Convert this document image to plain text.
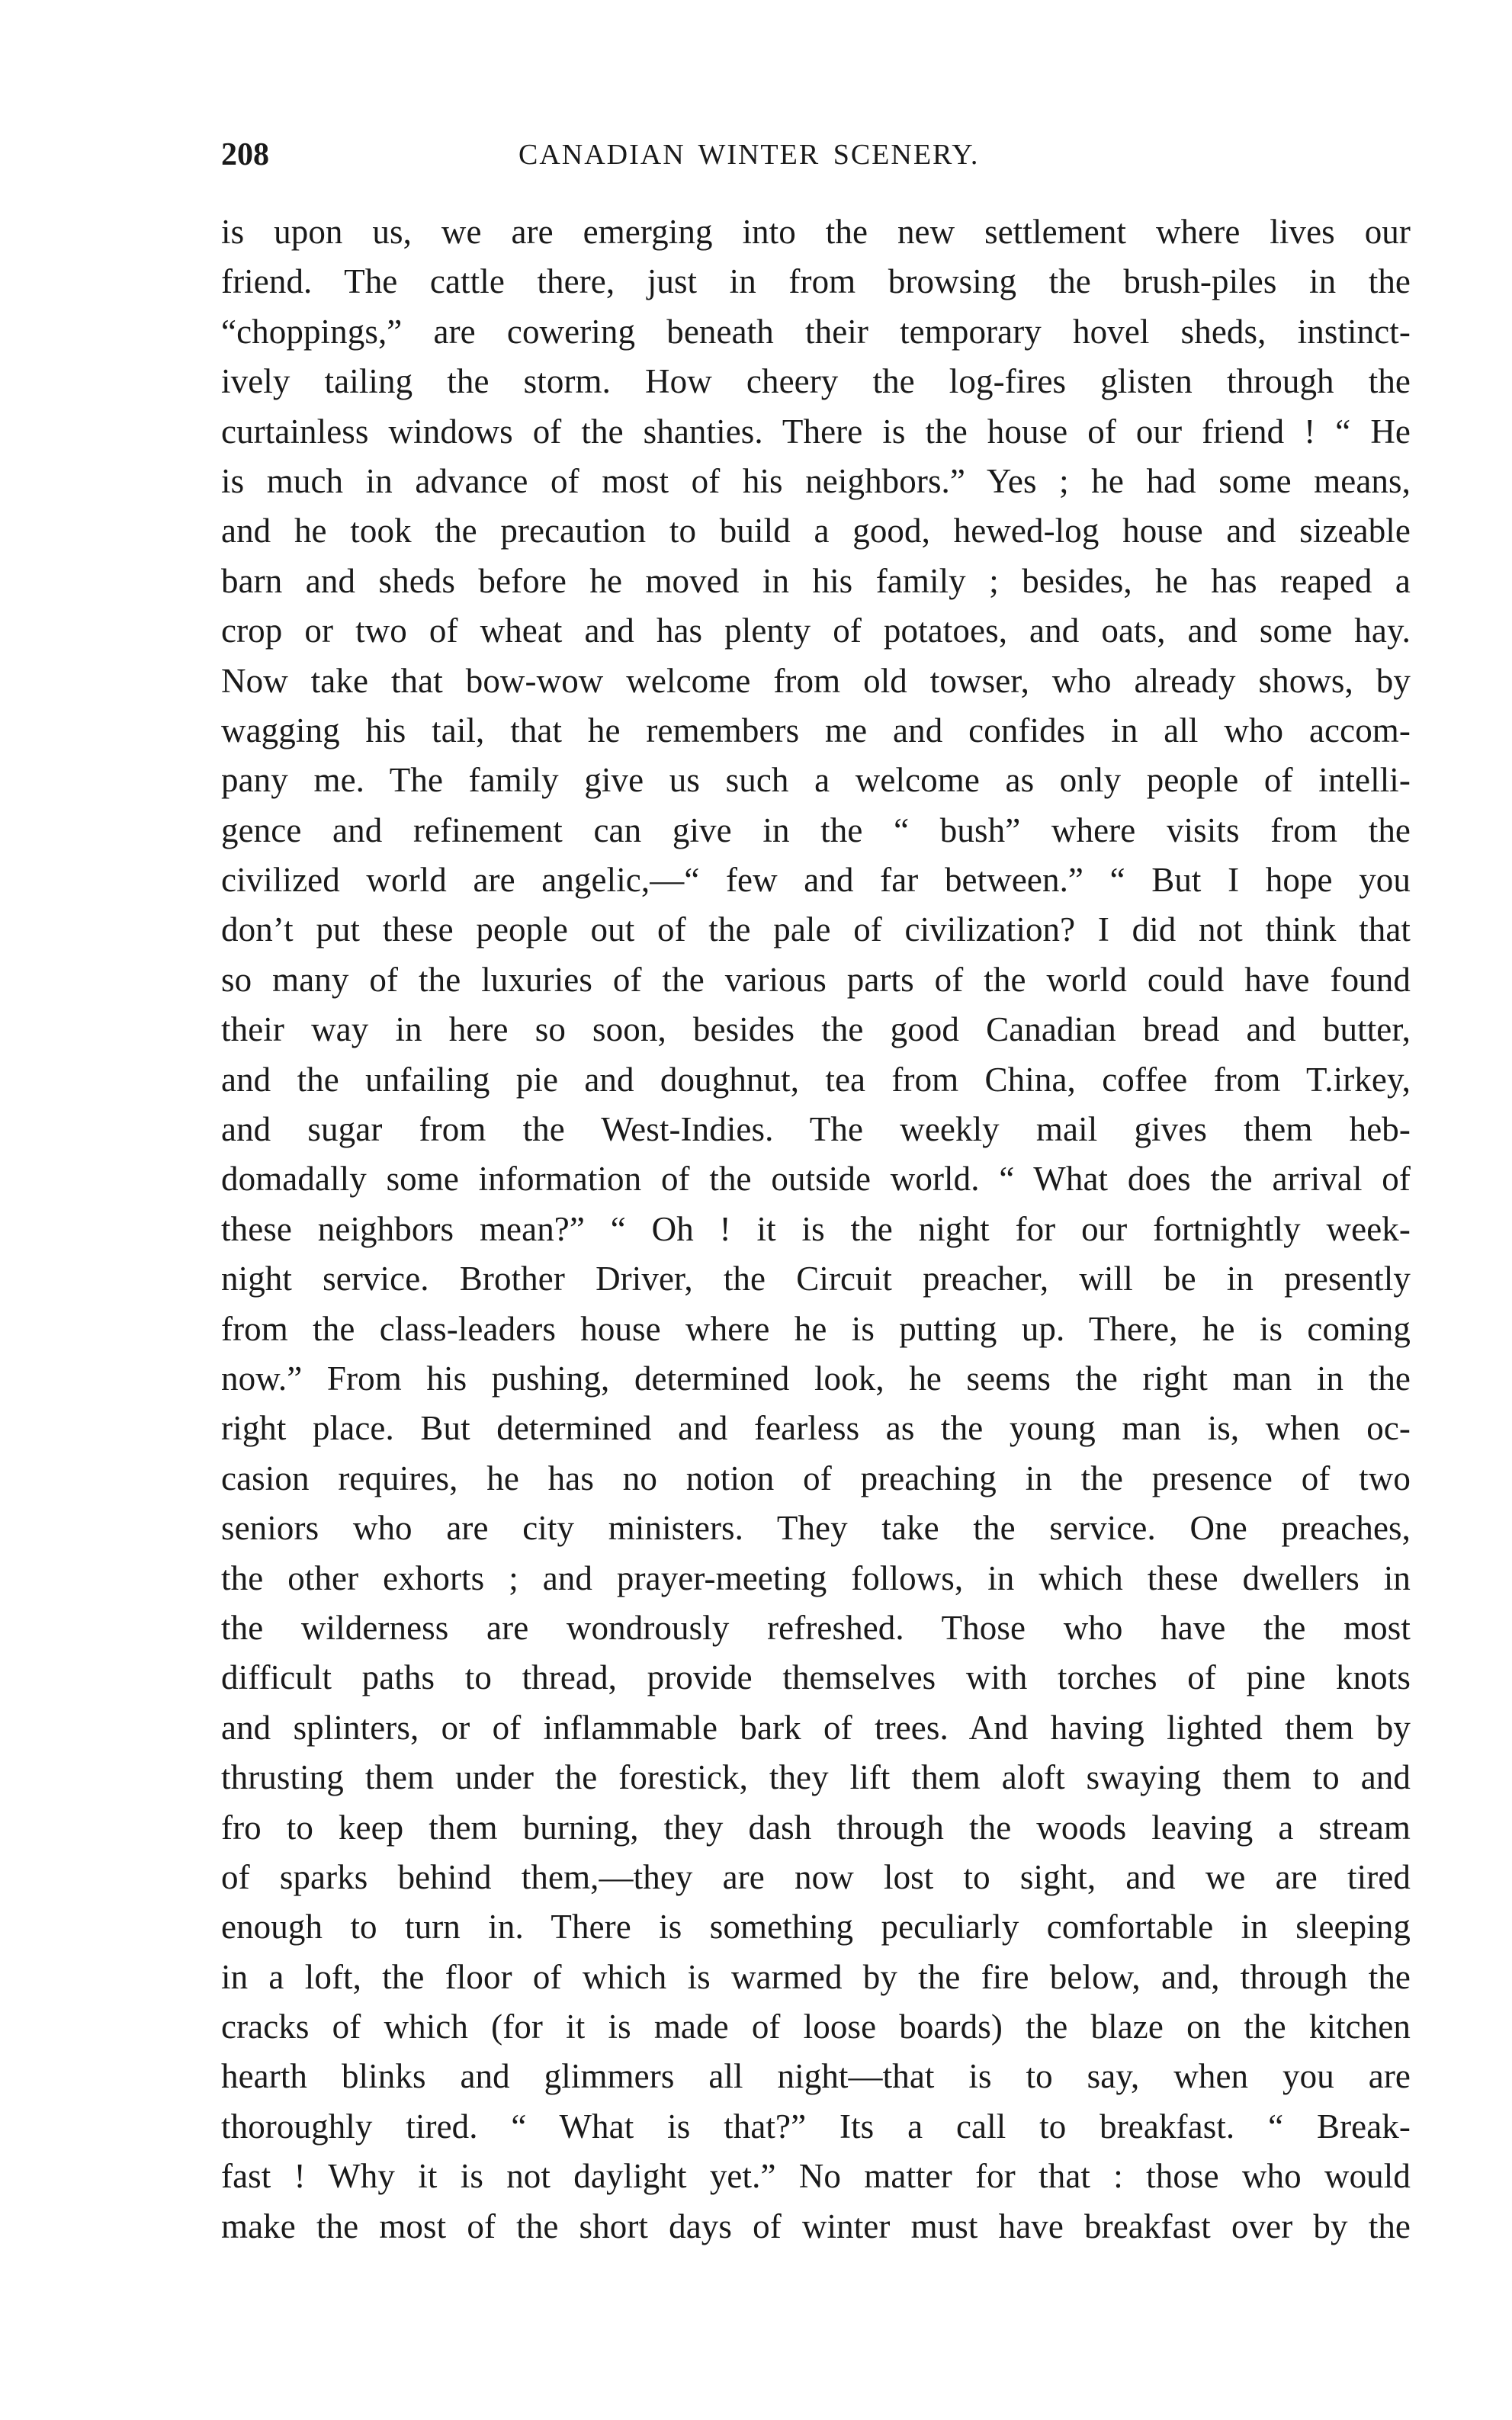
208	CANADIAN WINTER SCENERY.
is upon us, we are emerging into the new settlement where lives our
friend. The cattle there, just in from browsing the brush-piles in the
“choppings,” are cowering beneath their temporary hovel sheds, instinct-
ively tailing the storm. How cheery the log-fires glisten through the
curtainless windows of the shanties. There is the house of our friend ! “ He
is much in advance of most of his neighbors.” Yes ; he had some means,
and he took the precaution to build a good, hewed-log house and sizeable
barn and sheds before he moved in his family ; besides, he has reaped a
crop or two of wheat and has plenty of potatoes, and oats, and some hay.
Now take that bow-wow welcome from old towser, who already shows, by
wagging his tail, that he remembers me and confides in all who accom-
pany me. The family give us such a welcome as only people of intelli-
gence and refinement can give in the “ bush” where visits from the
civilized world are angelic,—“ few and far between.” “ But I hope you
don’t put these people out of the pale of civilization? I did not think that
so many of the luxuries of the various parts of the world could have found
their way in here so soon, besides the good Canadian bread and butter,
and the unfailing pie and doughnut, tea from China, coffee from T.irkey,
and sugar from the West-Indies. The weekly mail gives them heb-
domadally some information of the outside world. “ What does the arrival of
these neighbors mean?” “ Oh ! it is the night for our fortnightly week-
night service. Brother Driver, the Circuit preacher, will be in presently
from the class-leaders house where he is putting up. There, he is coming
now.” From his pushing, determined look, he seems the right man in the
right place. But determined and fearless as the young man is, when oc-
casion requires, he has no notion of preaching in the presence of two
seniors who are city ministers. They take the service. One preaches,
the other exhorts ; and prayer-meeting follows, in which these dwellers in
the wilderness are wondrously refreshed. Those who have the most
difficult paths to thread, provide themselves with torches of pine knots
and splinters, or of inflammable bark of trees. And having lighted them by
thrusting them under the forestick, they lift them aloft swaying them to and
fro to keep them burning, they dash through the woods leaving a stream
of sparks behind them,—they are now lost to sight, and we are tired
enough to turn in. There is something peculiarly comfortable in sleeping
in a loft, the floor of which is warmed by the fire below, and, through the
cracks of which (for it is made of loose boards) the blaze on the kitchen
hearth blinks and glimmers all night—that is to say, when you are
thoroughly tired. “ What is that?” Its a call to breakfast. “ Break-
fast ! Why it is not daylight yet.” No matter for that : those who would
make the most of the short days of winter must have breakfast over by the
